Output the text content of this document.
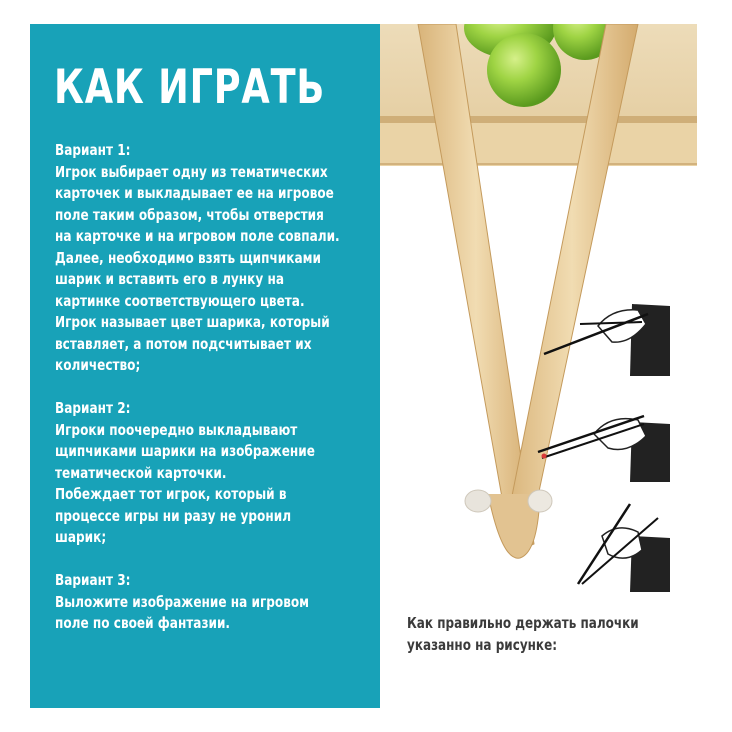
КАК ИГРАТЬ
Вариант 1:
Игрок выбирает одну из тематических
карточек и выкладывает ее на игровое
поле таким образом, чтобы отверстия
на карточке и на игровом поле совпали.
Далее, необходимо взять щипчиками
шарик и вставить его в лунку на
картинке соответствующего цвета.
Игрок называет цвет шарика, который
вставляет, а потом подсчитывает их
количество;
Вариант 2:
Игроки поочередно выкладывают
щипчиками шарики на изображение
тематической карточки.
Побеждает тот игрок, который в
процессе игры ни разу не уронил
шарик;
Вариант 3:
Выложите изображение на игровом
поле по своей фантазии.	Как правильно держать палочки
указанно на рисунке:
